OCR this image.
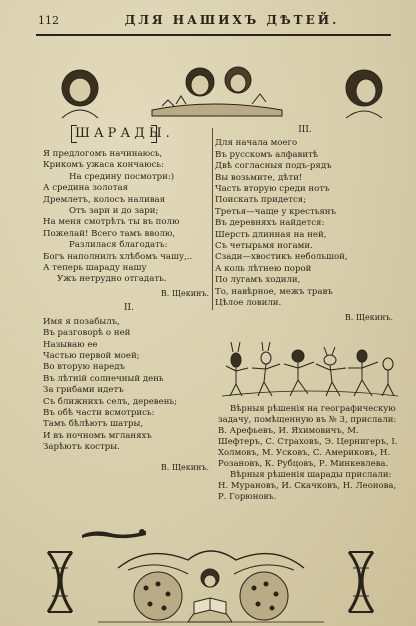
112	ДЛЯ НАШИХЪ ДѢТЕЙ.
ШАРАДЫ.
Я предлогомъ начинаюсь,
Крикомъ ужаса кончаюсь:
На средину посмотри:)
А средина золотая
Дремлетъ, колосъ наливая
Отъ зари и до зари;
На меня смотрѣть ты въ полю
Пожелай! Всего тамъ вволю,
Разлилася благодать:
Богъ наполнилъ хлѣбомъ чашу,..
А теперь шараду нашу
Ужъ нетрудно отгадать.
В. Щекинъ.
II.
Имя я позабылъ,
Въ разговорѣ о ней
Называю ее
Частью первой моей;
Во вторую наредъ
Въ лѣтній солнечный день
За грибами идетъ
Съ ближнихъ селъ, деревень;
Въ обѣ части всмотрись:
Тамъ бѣлѣютъ шатры,
И въ ночномъ мгланяхъ
Зарѣютъ костры.
В. Щекинъ.
III.
Для начала моего
Въ русскомъ алфавитѣ
Двѣ согласныя подъ-рядъ
Вы возьмите, дѣти!
Часть вторую среди нотъ
Поискать придется;
Третья—чаще у крестьянъ
Въ деревняхъ найдется:
Шерсть длинная на ней,
Съ четырьмя ногами.
Сзади—хвостикъ небольшой,
А коль лѣтнею порой
По лугамъ ходили,
То, навѣрное, межъ травъ
Цѣлое ловили.
В. Щекинъ.

Вѣрныя рѣшенія на географическую задачу, помѣщенную въ № 3, прислали: В. Арефьевъ, И. Яхимовичъ, М. Шефтеръ, С. Страховъ, Э. Цернигеръ, І. Холмовъ, М. Усковъ, С. Америковъ, Н. Розановъ, К. Рубцовъ, Р. Минкевлева.

Вѣрныя рѣшенія шарады прислали: Н. Мурановъ, И. Скачковъ, Н. Леонова, Р. Горюновъ.
